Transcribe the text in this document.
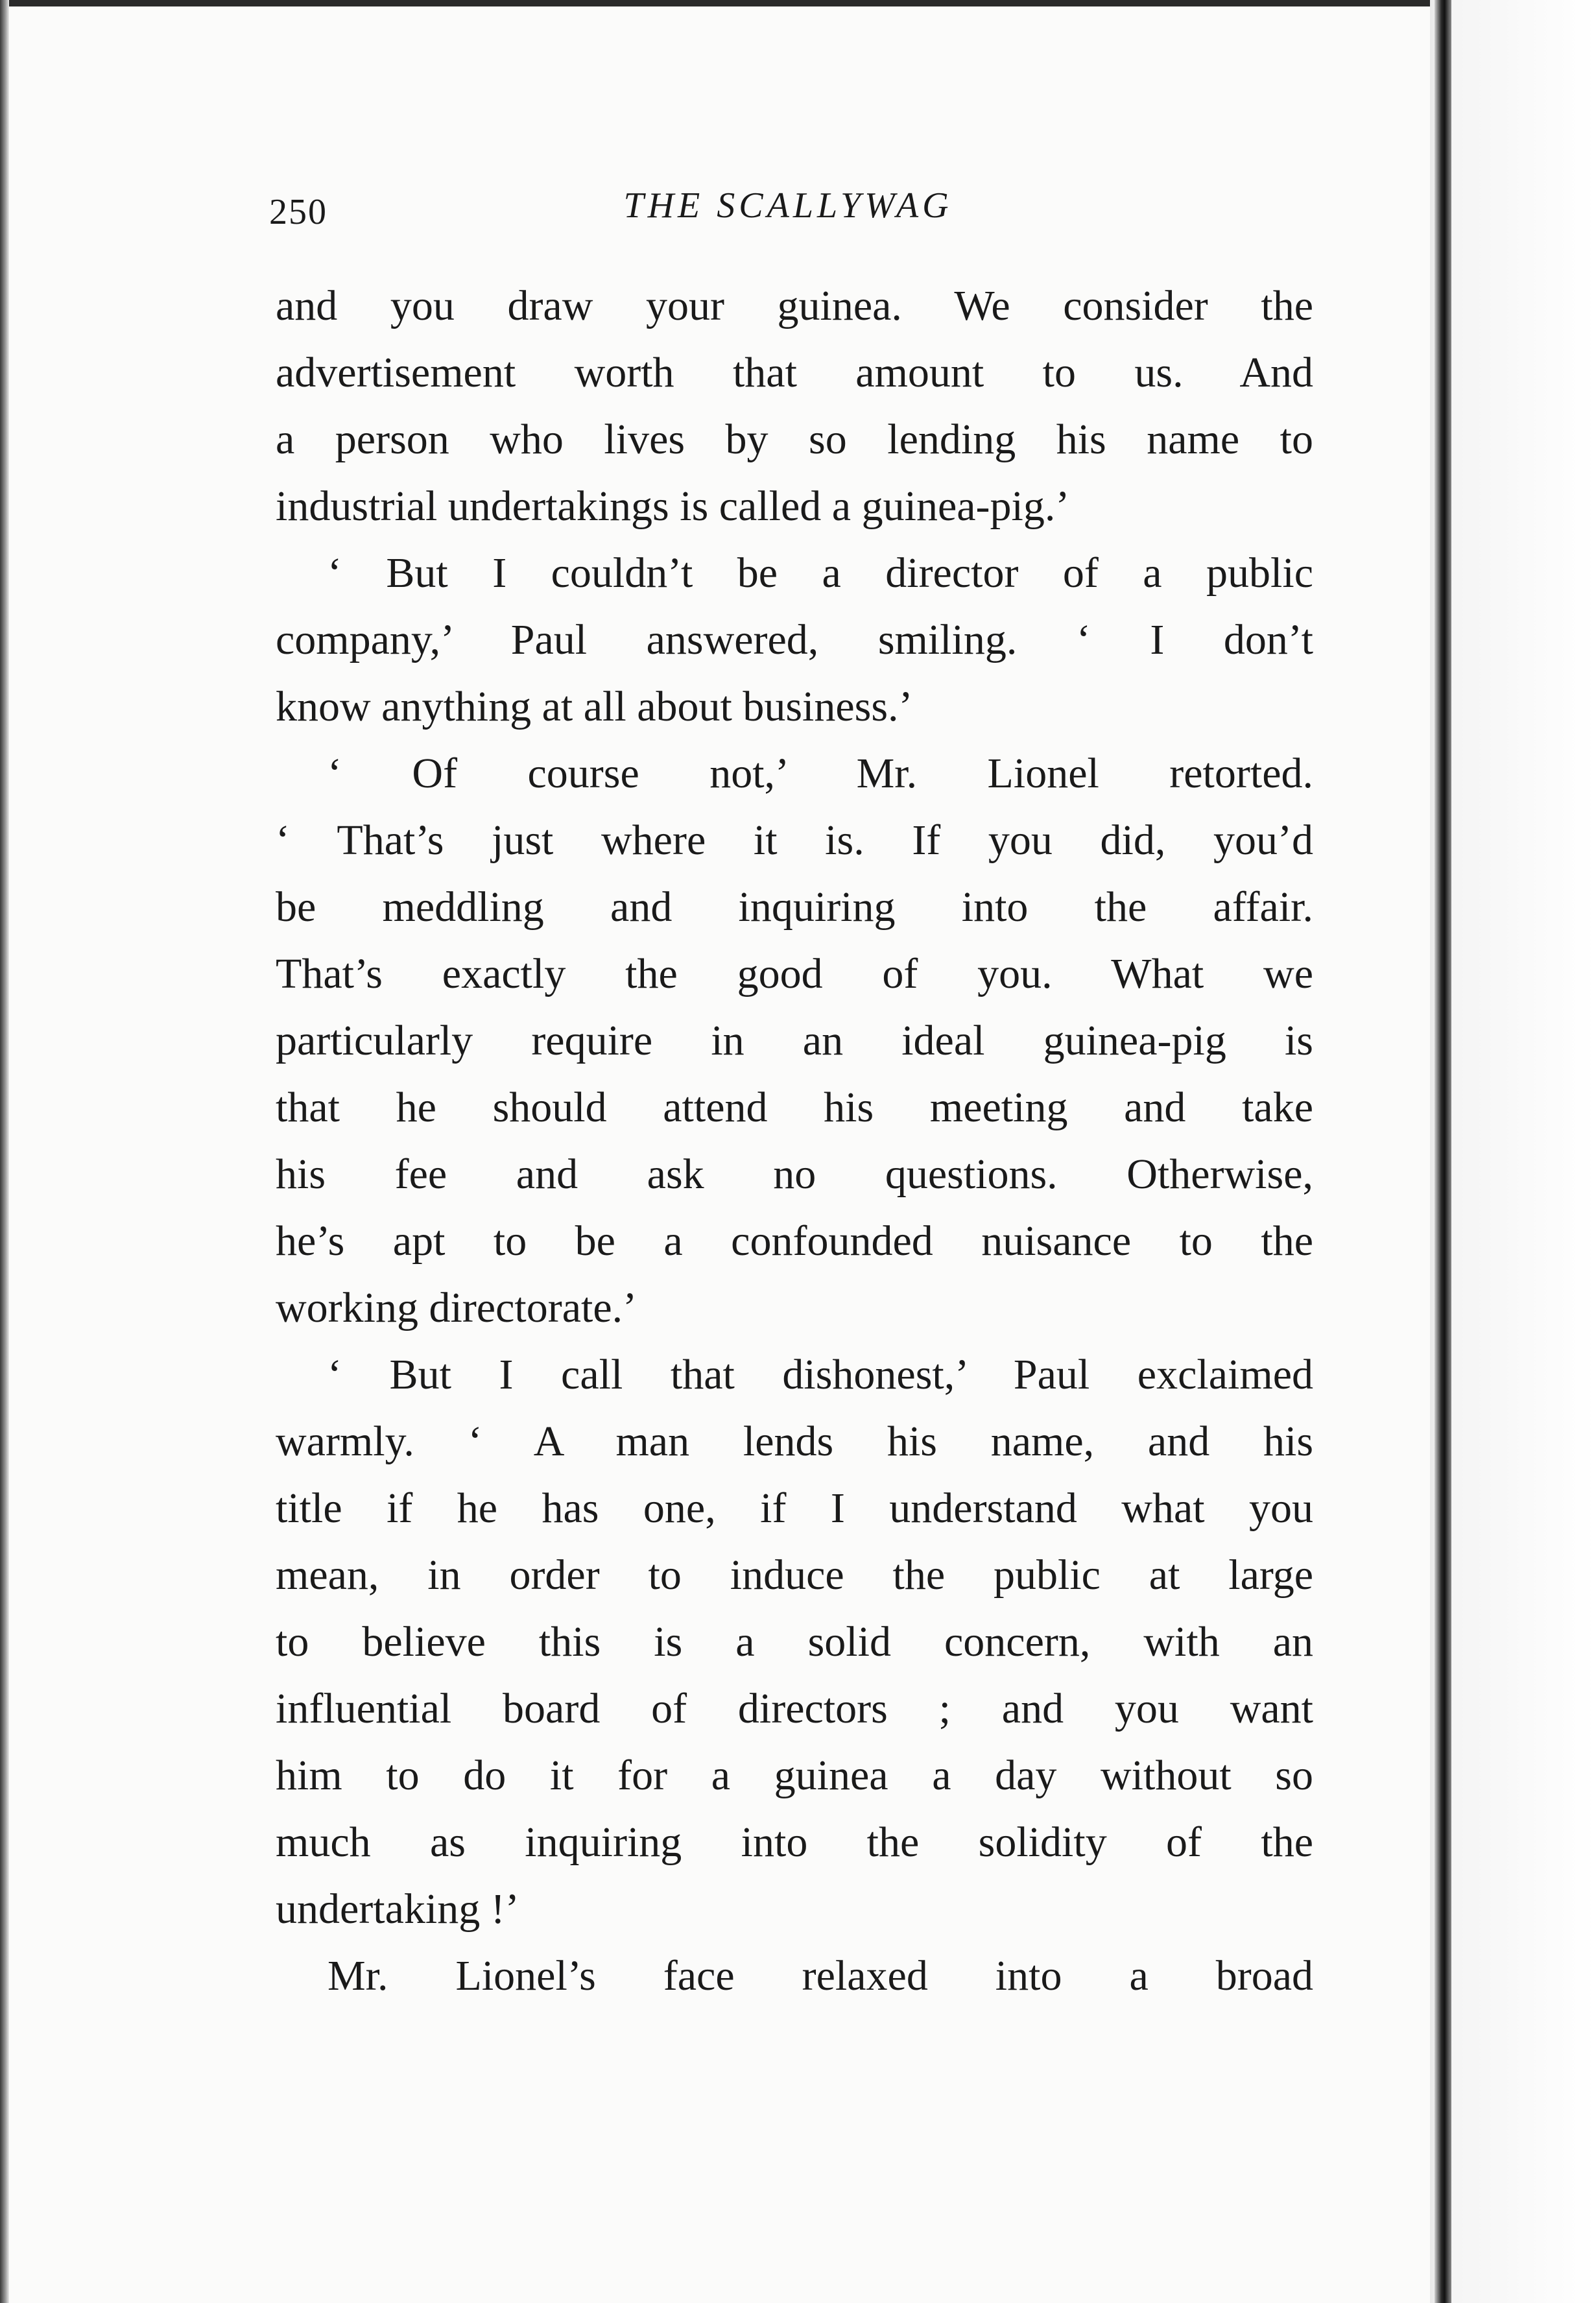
250	THE SCALLYWAG
and you draw your guinea. We consider the
advertisement worth that amount to us. And
a person who lives by so lending his name to
industrial undertakings is called a guinea-pig.’
‘ But I couldn’t be a director of a public
company,’ Paul answered, smiling. ‘ I don’t
know anything at all about business.’
‘ Of course not,’ Mr. Lionel retorted.
‘ That’s just where it is. If you did, you’d
be meddling and inquiring into the affair.
That’s exactly the good of you. What we
particularly require in an ideal guinea-pig is
that he should attend his meeting and take
his fee and ask no questions. Otherwise,
he’s apt to be a confounded nuisance to the
working directorate.’
‘ But I call that dishonest,’ Paul exclaimed
warmly. ‘ A man lends his name, and his
title if he has one, if I understand what you
mean, in order to induce the public at large
to believe this is a solid concern, with an
influential board of directors ; and you want
him to do it for a guinea a day without so
much as inquiring into the solidity of the
undertaking !’
Mr. Lionel’s face relaxed into a broad
